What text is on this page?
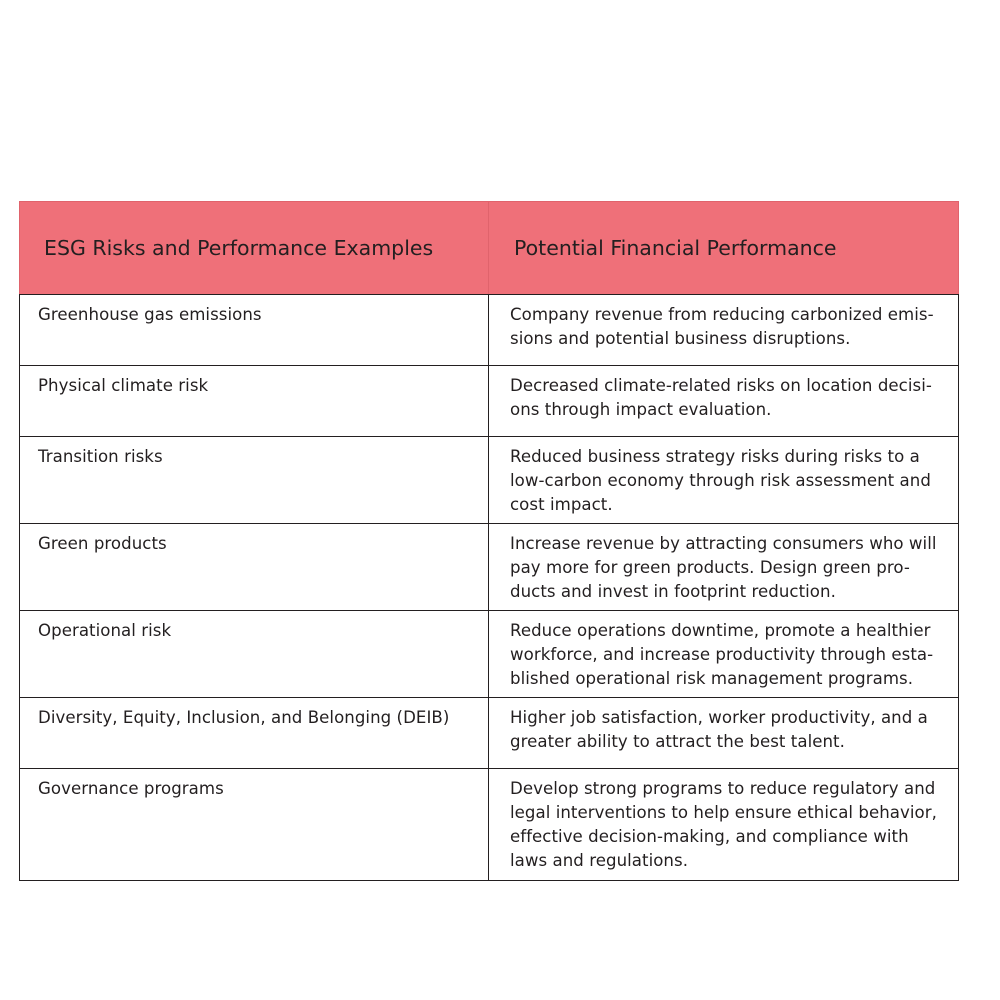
ESG Risks and Performance Examples	Potential Financial Performance
Greenhouse gas emissions	Company revenue from reducing carbonized emis-
sions and potential business disruptions.
Physical climate risk	Decreased climate-related risks on location decisi-
ons through impact evaluation.
Transition risks	Reduced business strategy risks during risks to a
low-carbon economy through risk assessment and
cost impact.
Green products	Increase revenue by attracting consumers who will
pay more for green products. Design green pro-
ducts and invest in footprint reduction.
Operational risk	Reduce operations downtime, promote a healthier
workforce, and increase productivity through esta-
blished operational risk management programs.
Diversity, Equity, Inclusion, and Belonging (DEIB)	Higher job satisfaction, worker productivity, and a
greater ability to attract the best talent.
Governance programs	Develop strong programs to reduce regulatory and
legal interventions to help ensure ethical behavior,
effective decision-making, and compliance with
laws and regulations.
